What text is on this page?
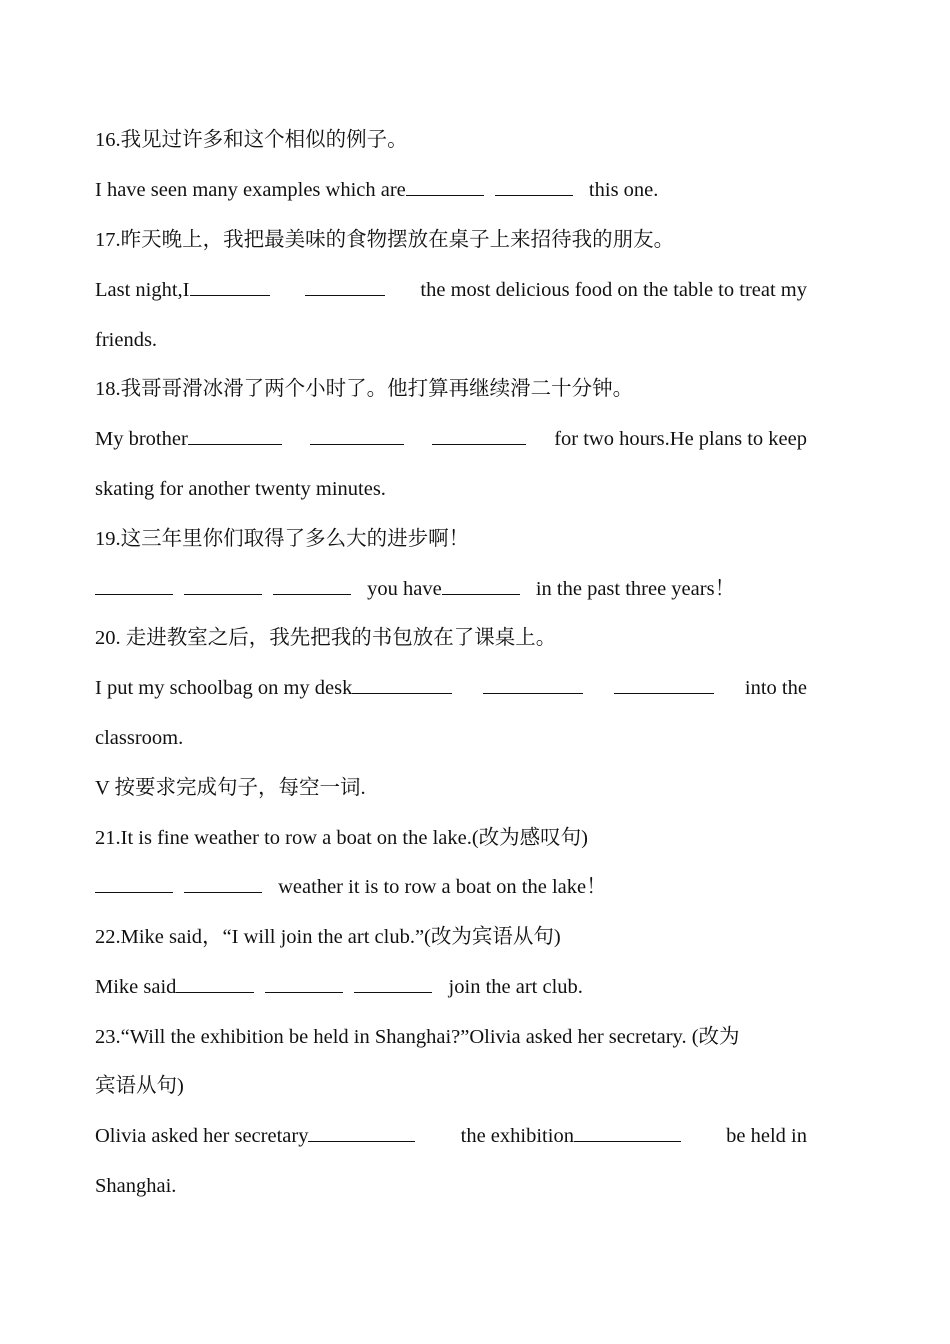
16.我见过许多和这个相似的例子。
I have seen many examples which are	this one.
17.昨天晚上，我把最美味的食物摆放在桌子上来招待我的朋友。
Last night,I	the most delicious food on the table to treat my
friends.
18.我哥哥滑冰滑了两个小时了。他打算再继续滑二十分钟。
My brother	for two hours.He plans to keep
skating for another twenty minutes.
19.这三年里你们取得了多么大的进步啊！
you have	in the past three years！
20. 走进教室之后，我先把我的书包放在了课桌上。
I put my schoolbag on my desk	into the
classroom.
V 按要求完成句子，每空一词.
21.It is fine weather to row a boat on the lake.(改为感叹句)
weather it is to row a boat on the lake！
22.Mike said，“I will join the art club.”(改为宾语从句)
Mike said	join the art club.
23.“Will the exhibition be held in Shanghai?”Olivia asked her secretary. (改为
宾语从句)
Olivia asked her secretary	the exhibition	be held in
Shanghai.
